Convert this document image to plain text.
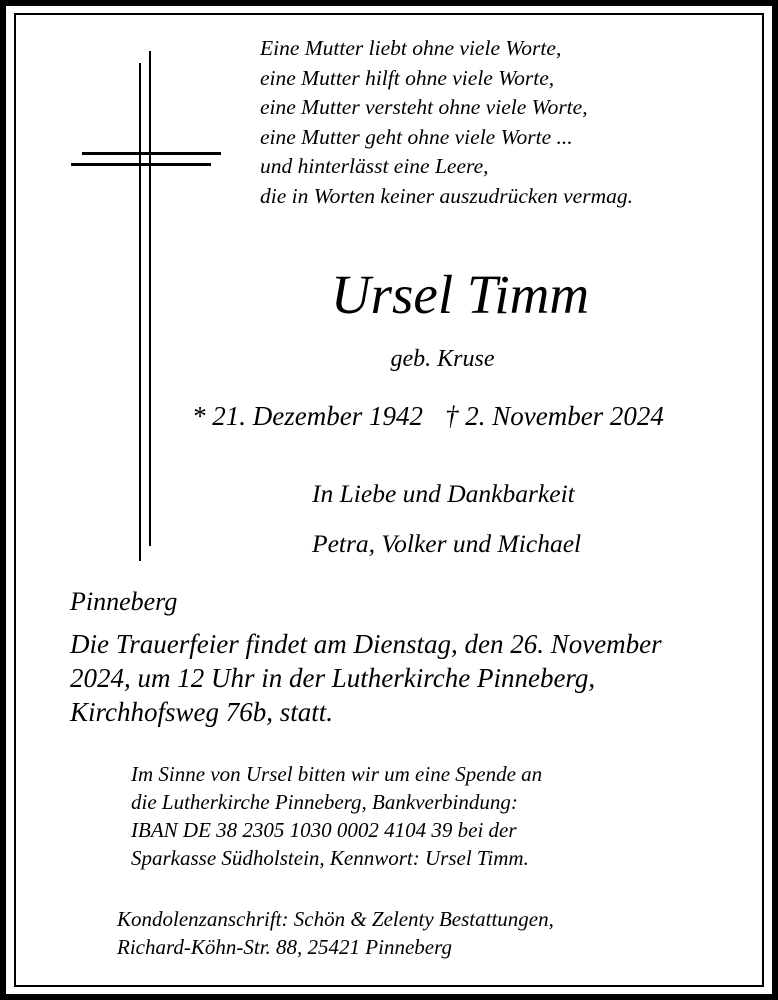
Eine Mutter liebt ohne viele Worte,
eine Mutter hilft ohne viele Worte,
eine Mutter versteht ohne viele Worte,
eine Mutter geht ohne viele Worte ...
und hinterlässt eine Leere,
die in Worten keiner auszudrücken vermag.
Ursel Timm
geb. Kruse
* 21. Dezember 1942 † 2. November 2024
In Liebe und Dankbarkeit
Petra, Volker und Michael
Pinneberg
Die Trauerfeier findet am Dienstag, den 26. November
2024, um 12 Uhr in der Lutherkirche Pinneberg,
Kirchhofsweg 76b, statt.
Im Sinne von Ursel bitten wir um eine Spende an
die Lutherkirche Pinneberg, Bankverbindung:
IBAN DE 38 2305 1030 0002 4104 39 bei der
Sparkasse Südholstein, Kennwort: Ursel Timm.
Kondolenzanschrift: Schön & Zelenty Bestattungen,
Richard-Köhn-Str. 88, 25421 Pinneberg
